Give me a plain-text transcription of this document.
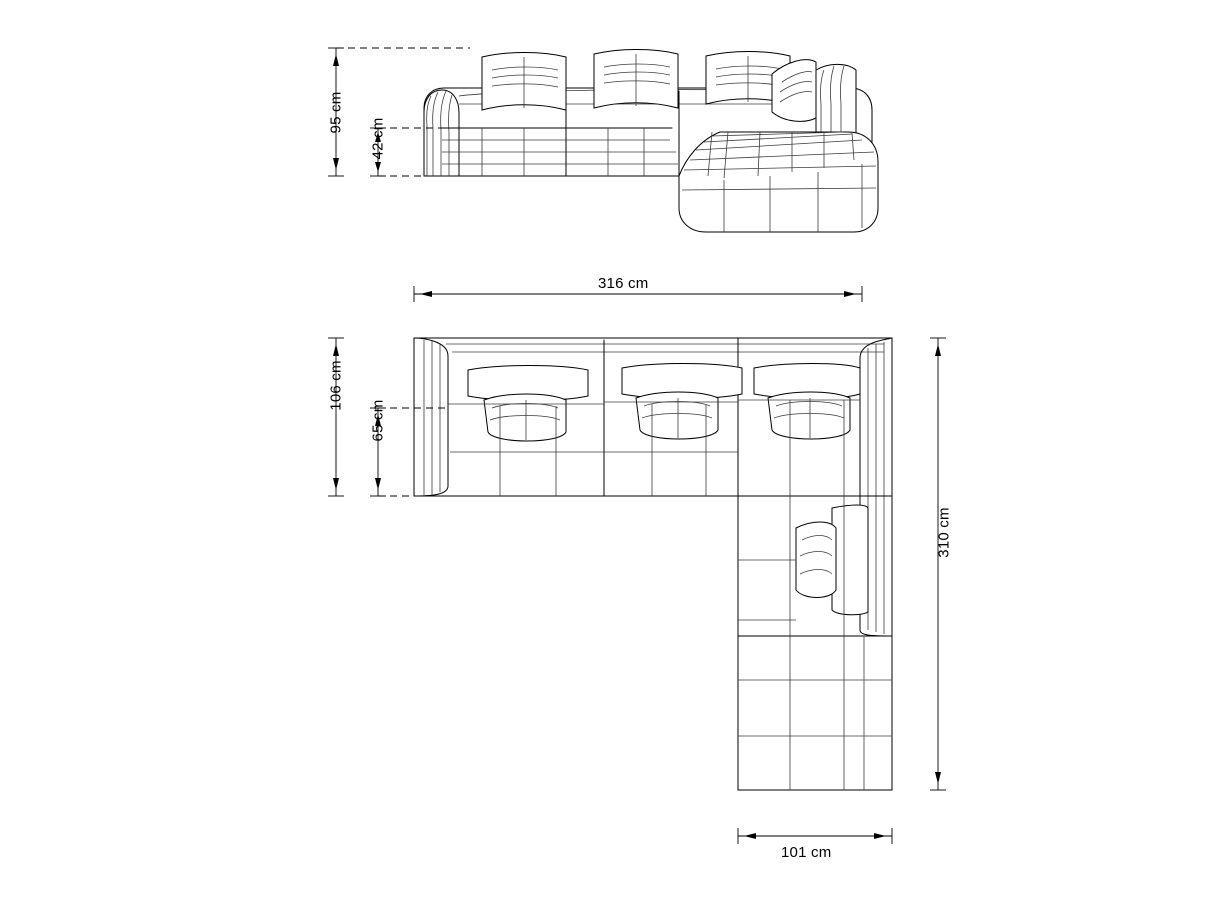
95 cm
42 cm
316 cm
106 cm
65 cm
310 cm
101 cm
